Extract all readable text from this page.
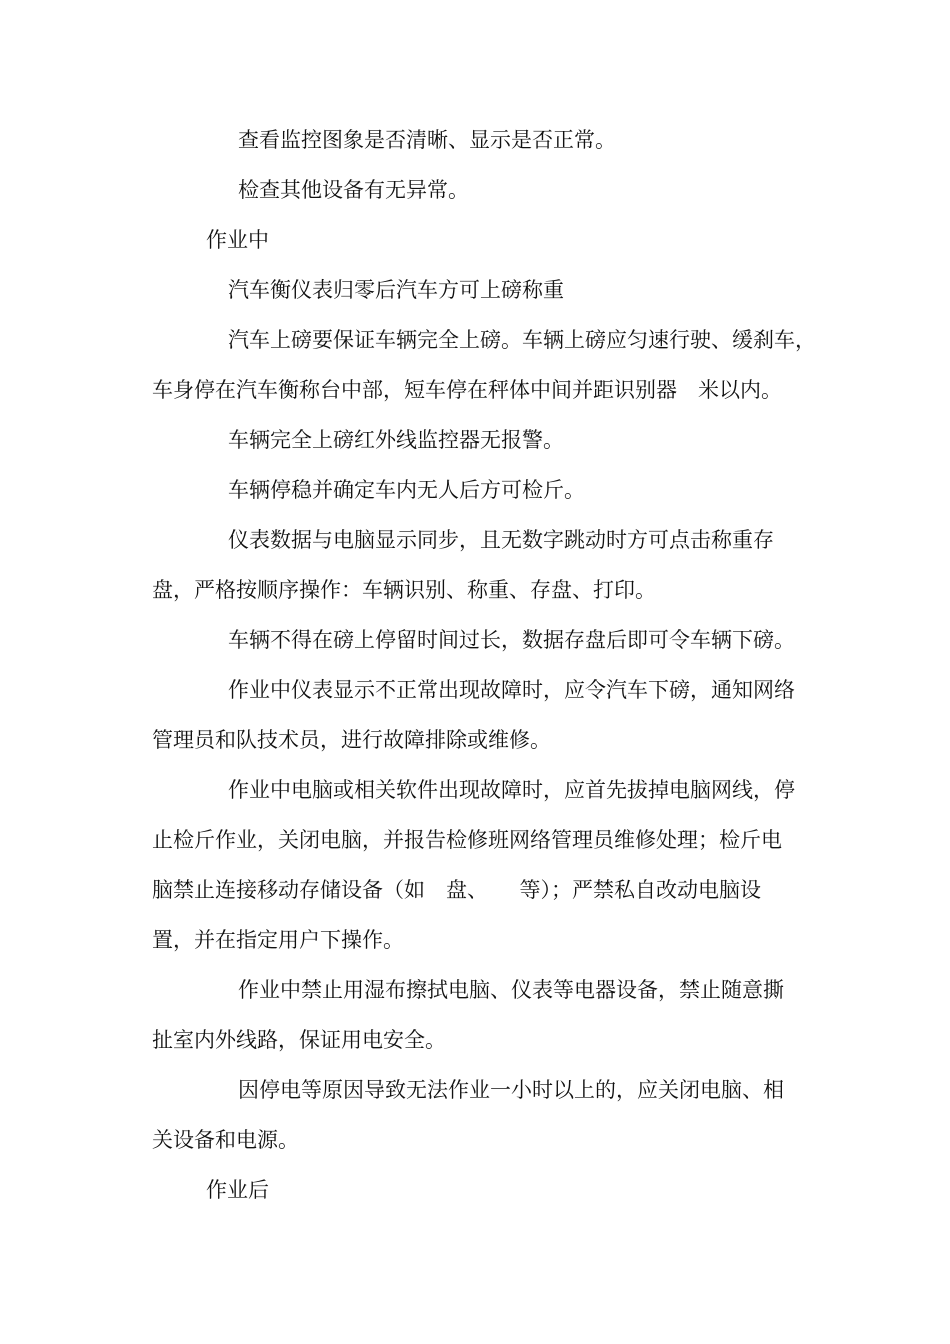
查看监控图象是否清晰、显示是否正常。

检查其他设备有无异常。

作业中

汽车衡仪表归零后汽车方可上磅称重

汽车上磅要保证车辆完全上磅。车辆上磅应匀速行驶、缓刹车，

车身停在汽车衡称台中部，短车停在秤体中间并距识别器　米以内。

车辆完全上磅红外线监控器无报警。

车辆停稳并确定车内无人后方可检斤。

仪表数据与电脑显示同步，且无数字跳动时方可点击称重存

盘，严格按顺序操作：车辆识别、称重、存盘、打印。

车辆不得在磅上停留时间过长，数据存盘后即可令车辆下磅。

作业中仪表显示不正常出现故障时，应令汽车下磅，通知网络

管理员和队技术员，进行故障排除或维修。

作业中电脑或相关软件出现故障时，应首先拔掉电脑网线，停

止检斤作业，关闭电脑，并报告检修班网络管理员维修处理；检斤电

脑禁止连接移动存储设备（如　盘、　　等）；严禁私自改动电脑设

置，并在指定用户下操作。

作业中禁止用湿布擦拭电脑、仪表等电器设备，禁止随意撕

扯室内外线路，保证用电安全。

因停电等原因导致无法作业一小时以上的，应关闭电脑、相

关设备和电源。

作业后
